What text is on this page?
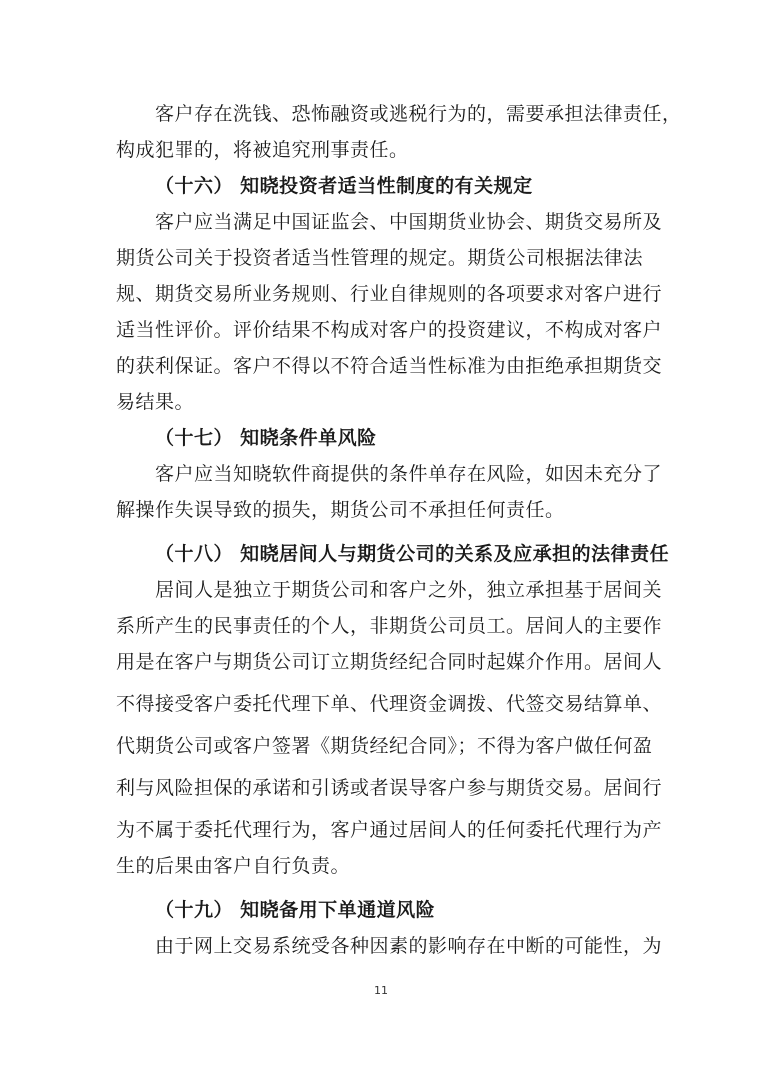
客户存在洗钱、恐怖融资或逃税行为的，需要承担法律责任，
构成犯罪的，将被追究刑事责任。
（十六） 知晓投资者适当性制度的有关规定
客户应当满足中国证监会、中国期货业协会、期货交易所及
期货公司关于投资者适当性管理的规定。期货公司根据法律法
规、期货交易所业务规则、行业自律规则的各项要求对客户进行
适当性评价。评价结果不构成对客户的投资建议，不构成对客户
的获利保证。客户不得以不符合适当性标准为由拒绝承担期货交
易结果。
（十七） 知晓条件单风险
客户应当知晓软件商提供的条件单存在风险，如因未充分了
解操作失误导致的损失，期货公司不承担任何责任。
（十八） 知晓居间人与期货公司的关系及应承担的法律责任
居间人是独立于期货公司和客户之外，独立承担基于居间关
系所产生的民事责任的个人，非期货公司员工。居间人的主要作
用是在客户与期货公司订立期货经纪合同时起媒介作用。居间人
不得接受客户委托代理下单、代理资金调拨、代签交易结算单、
代期货公司或客户签署《期货经纪合同》；不得为客户做任何盈
利与风险担保的承诺和引诱或者误导客户参与期货交易。居间行
为不属于委托代理行为，客户通过居间人的任何委托代理行为产
生的后果由客户自行负责。
（十九） 知晓备用下单通道风险
由于网上交易系统受各种因素的影响存在中断的可能性，为
11
